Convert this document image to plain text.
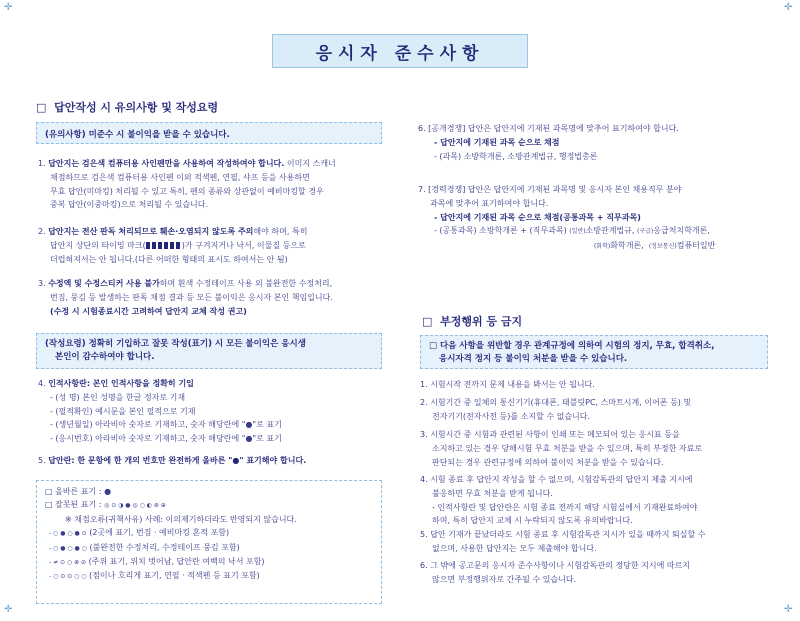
✛	✛
✛	✛
응시자 준수사항
□ 답안작성 시 유의사항 및 작성요령
(유의사항) 미준수 시 불이익을 받을 수 있습니다.

1. 답안지는 검은색 컴퓨터용 사인펜만을 사용하여 작성하여야 합니다. 이미지 스캐너

채점하므로 검은색 컴퓨터용 사인펜 이외 적색펜, 연필, 샤프 등을 사용하면

무효 답안(미마킹) 처리될 수 있고 특히, 펜의 종류와 상관없이 예비마킹할 경우

중복 답안(이중마킹)으로 처리될 수 있습니다.

2. 답안지는 전산 판독 처리되므로 훼손·오염되지 않도록 주의해야 하며, 특히

답안지 상단의 타이밍 마크(	)가 구겨지거나 낙서, 이물질 등으로

더럽혀져서는 안 됩니다.(다른 어떠한 형태의 표시도 하여서는 안 됨)

3. 수정액 및 수정스티커 사용 불가하며 흰색 수정테이프 사용 외 불완전한 수정처리,

번짐, 뭉김 등 발생하는 판독 채점 결과 등 모든 불이익은 응시자 본인 책임입니다.

(수정 시 시험종료시간 고려하여 답안지 교체 작성 권고)

(작성요령) 정확히 기입하고 잘못 작성(표기) 시 모든 불이익은 응시생
본인이 감수하여야 합니다.

4. 인적사항란: 본인 인적사항을 정확히 기입

- (성 명) 본인 성명을 한글 정자로 기재

- (필적확인) 예시문을 본인 필적으로 기재

- (생년월일) 아라비아 숫자로 기재하고, 숫자 해당란에 "●"로 표기

- (응시번호) 아라비아 숫자로 기재하고, 숫자 해당란에 "●"로 표기

5. 답안란: 한 문항에 한 개의 번호만 완전하게 올바른 "●" 표기해야 합니다.

□ 올바른 표기 : ●
□ 잘못된 표기 : ◎ ⊙ ◑ ● ◎ ○ ◐ ⊛ ⊕
※ 채점오류(귀책사유) 사례: 이의제기하더라도 반영되지 않습니다.
- ○ ● ○ ● ⊙ (2곳에 표기, 번짐 · 예비마킹 흔적 포함)
- ○ ● ○ ● ○ (불완전한 수정처리, 수정테이프 뭉김 포함)
- ≠ ⊙ ○ ⊗ ⊘ (주위 표기, 위치 벗어남, 답안란 여백의 낙서 포함)
- ○ ⊙ ⊙ ○ ○ (점이나 흐리게 표기, 연필 · 적색펜 등 표기 포함)

6. [공개경쟁] 답안은 답안지에 기재된 과목명에 맞추어 표기하여야 합니다.

- 답안지에 기재된 과목 순으로 채점

- (과목) 소방학개론, 소방관계법규, 행정법총론

7. [경력경쟁] 답안은 답안지에 기재된 과목명 및 응시자 본인 채용직무 분야

과목에 맞추어 표기하여야 합니다.

- 답안지에 기재된 과목 순으로 채점(공통과목 + 직무과목)

- (공통과목) 소방학개론 + (직무과목) (일반)소방관계법규, (구급)응급처치학개론,

(화학)화학개론, (정보통신)컴퓨터일반

□ 부정행위 등 금지
□ 다음 사항을 위반할 경우 관계규정에 의하여 시험의 정지, 무효, 합격취소,
응시자격 정지 등 불이익 처분을 받을 수 있습니다.

1. 시험시작 전까지 문제 내용을 봐서는 안 됩니다.

2. 시험기간 중 일체의 통신기기(휴대폰, 태블릿PC, 스마트시계, 이어폰 등) 및

전자기기(전자사전 등)를 소지할 수 없습니다.

3. 시험시간 중 시험과 관련된 사항이 인쇄 또는 메모되어 있는 응시표 등을

소지하고 있는 경우 당해시험 무효 처분을 받을 수 있으며, 특히 부정한 자료로

판단되는 경우 관련규정에 의하여 불이익 처분을 받을 수 있습니다.

4. 시험 종료 후 답안지 작성을 할 수 없으며, 시험감독관의 답안지 제출 지시에

불응하면 무효 처분을 받게 됩니다.

- 인적사항란 및 답안란은 시험 종료 전까지 해당 시험실에서 기재완료하여야

하며, 특히 답안지 교체 시 누락되지 않도록 유의바랍니다.

5. 답안 기재가 끝났더라도 시험 종료 후 시험감독관 지시가 있을 때까지 퇴실할 수

없으며, 사용한 답안지는 모두 제출해야 합니다.

6. 그 밖에 공고문의 응시자 준수사항이나 시험감독관의 정당한 지시에 따르지

않으면 부정행위자로 간주될 수 있습니다.
